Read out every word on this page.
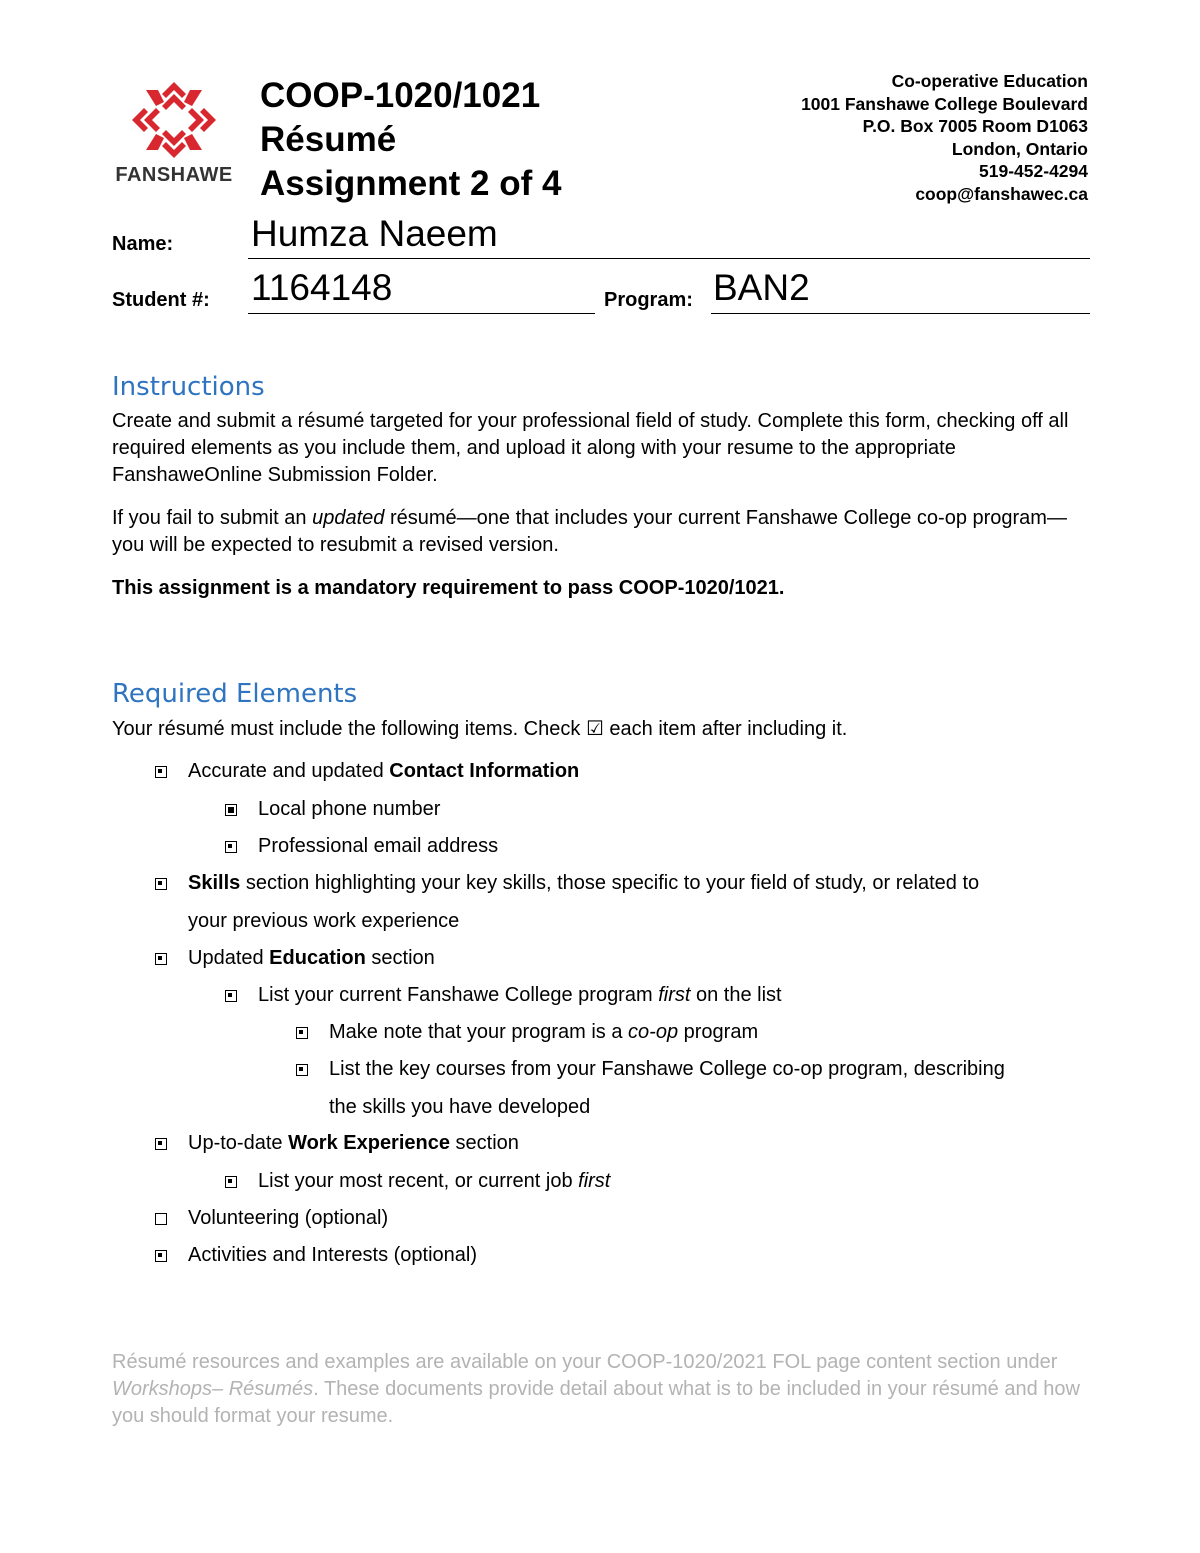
FANSHAWE
COOP-1020/1021
Résumé
Assignment 2 of 4
Co-operative Education
1001 Fanshawe College Boulevard
P.O. Box 7005 Room D1063
London, Ontario
519-452-4294
coop@fanshawec.ca
Name: Humza Naeem
Student #: 1164148	Program: BAN2
Instructions
Create and submit a résumé targeted for your professional field of study. Complete this form, checking off all required elements as you include them, and upload it along with your resume to the appropriate FanshaweOnline Submission Folder.
If you fail to submit an updated résumé—one that includes your current Fanshawe College co-op program—you will be expected to resubmit a revised version.
This assignment is a mandatory requirement to pass COOP-1020/1021.
Required Elements
Your résumé must include the following items. Check ☑ each item after including it.
Accurate and updated Contact Information
Local phone number
Professional email address
Skills section highlighting your key skills, those specific to your field of study, or related to
your previous work experience
Updated Education section
List your current Fanshawe College program first on the list
Make note that your program is a co-op program
List the key courses from your Fanshawe College co-op program, describing
the skills you have developed
Up-to-date Work Experience section
List your most recent, or current job first
Volunteering (optional)
Activities and Interests (optional)
Résumé resources and examples are available on your COOP-1020/2021 FOL page content section under Workshops– Résumés. These documents provide detail about what is to be included in your résumé and how you should format your resume.
